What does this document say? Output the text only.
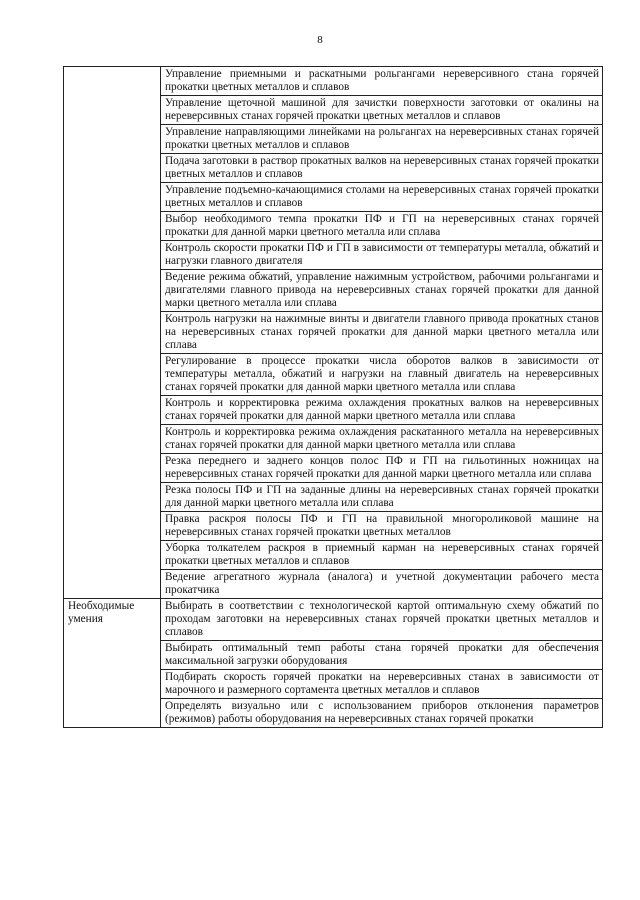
8
	Управление приемными и раскатными рольгангами нереверсивного стана горячей прокатки цветных металлов и сплавов
	Управление щеточной машиной для зачистки поверхности заготовки от окалины на нереверсивных станах горячей прокатки цветных металлов и сплавов
	Управление направляющими линейками на рольгангах на нереверсивных станах горячей прокатки цветных металлов и сплавов
	Подача заготовки в раствор прокатных валков на нереверсивных станах горячей прокатки цветных металлов и сплавов
	Управление подъемно-качающимися столами на нереверсивных станах горячей прокатки цветных металлов и сплавов
	Выбор необходимого темпа прокатки ПФ и ГП на нереверсивных станах горячей прокатки для данной марки цветного металла или сплава
	Контроль скорости прокатки ПФ и ГП в зависимости от температуры металла, обжатий и нагрузки главного двигателя
	Ведение режима обжатий, управление нажимным устройством, рабочими рольгангами и двигателями главного привода на нереверсивных станах горячей прокатки для данной марки цветного металла или сплава
	Контроль нагрузки на нажимные винты и двигатели главного привода прокатных станов на нереверсивных станах горячей прокатки для данной марки цветного металла или сплава
	Регулирование в процессе прокатки числа оборотов валков в зависимости от температуры металла, обжатий и нагрузки на главный двигатель на нереверсивных станах горячей прокатки для данной марки цветного металла или сплава
	Контроль и корректировка режима охлаждения прокатных валков на нереверсивных станах горячей прокатки для данной марки цветного металла или сплава
	Контроль и корректировка режима охлаждения раскатанного металла на нереверсивных станах горячей прокатки для данной марки цветного металла или сплава
	Резка переднего и заднего концов полос ПФ и ГП на гильотинных ножницах на нереверсивных станах горячей прокатки для данной марки цветного металла или сплава
	Резка полосы ПФ и ГП на заданные длины на нереверсивных станах горячей прокатки для данной марки цветного металла или сплава
	Правка раскроя полосы ПФ и ГП на правильной многороликовой машине на нереверсивных станах горячей прокатки цветных металлов
	Уборка толкателем раскроя в приемный карман на нереверсивных станах горячей прокатки цветных металлов и сплавов
	Ведение агрегатного журнала (аналога) и учетной документации рабочего места прокатчика
Необходимые умения	Выбирать в соответствии с технологической картой оптимальную схему обжатий по проходам заготовки на нереверсивных станах горячей прокатки цветных металлов и сплавов
	Выбирать оптимальный темп работы стана горячей прокатки для обеспечения максимальной загрузки оборудования
	Подбирать скорость горячей прокатки на нереверсивных станах в зависимости от марочного и размерного сортамента цветных металлов и сплавов
	Определять визуально или с использованием приборов отклонения параметров (режимов) работы оборудования на нереверсивных станах горячей прокатки
